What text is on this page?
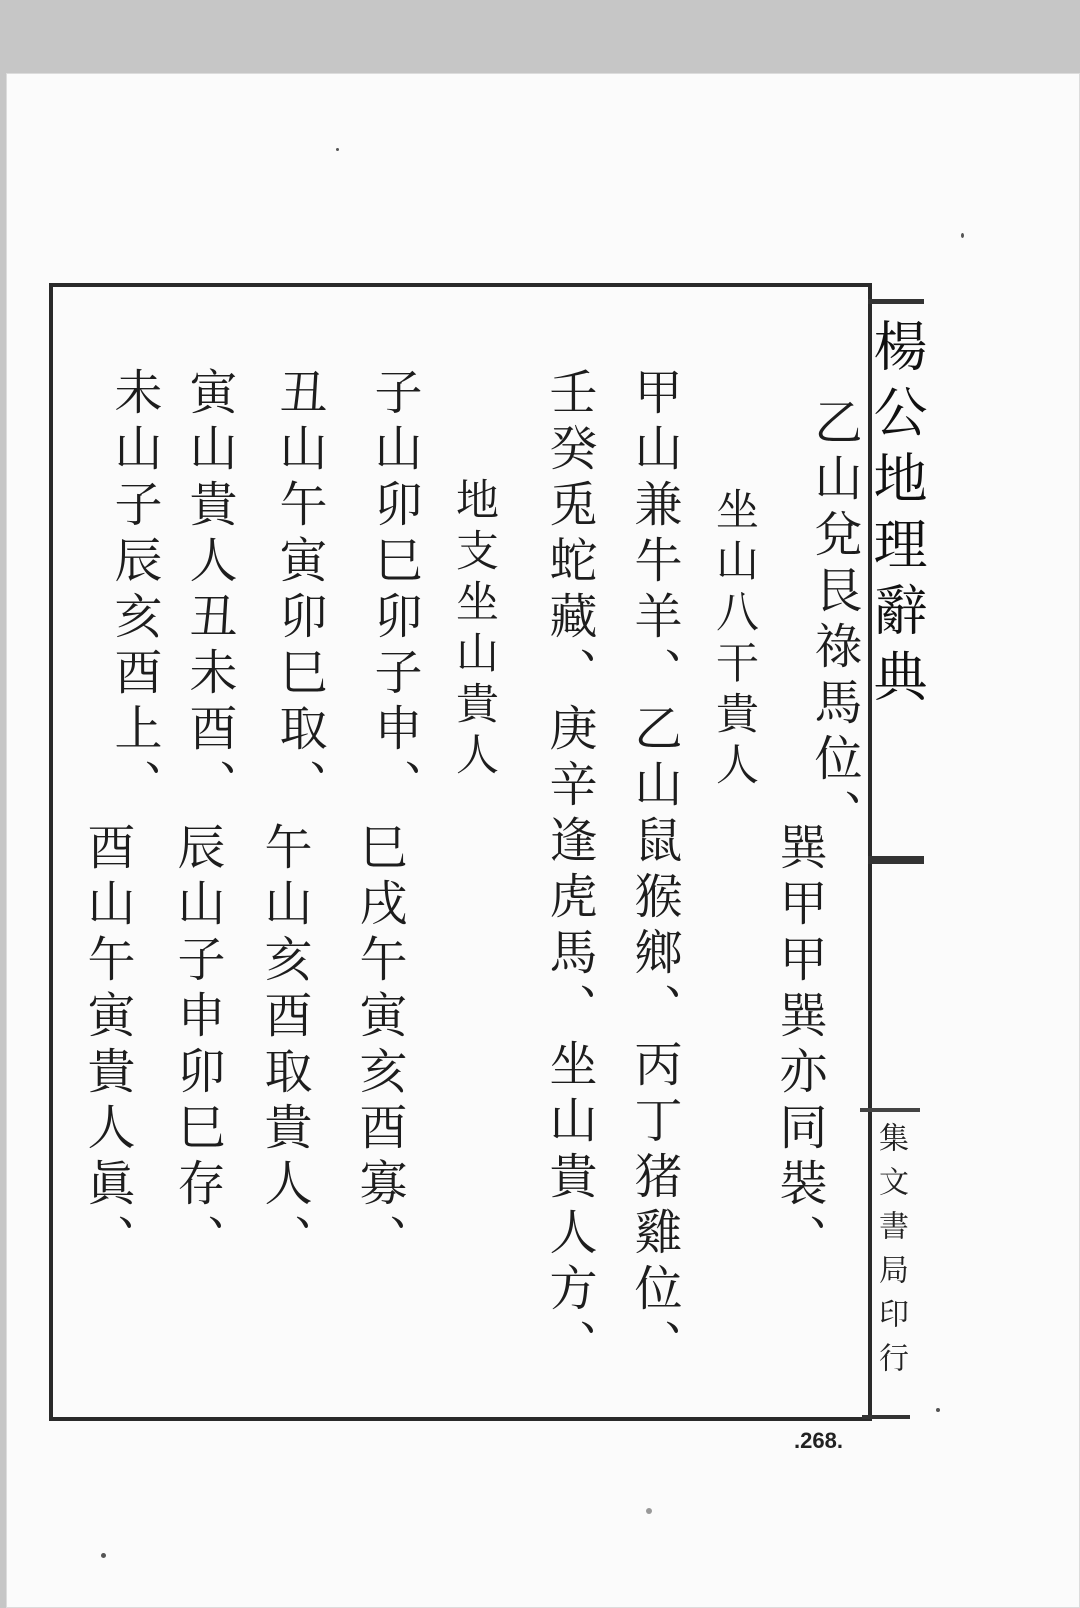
乙山兌艮祿馬位、
巽甲甲巽亦同裝、
坐山八干貴人
甲山兼牛羊、乙山鼠猴鄉、丙丁猪雞位、
壬癸兎蛇藏、庚辛逢虎馬、坐山貴人方、
地支坐山貴人
子山卯巳卯子申、
巳戌午寅亥酉寡、
丑山午寅卯巳取、
午山亥酉取貴人、
寅山貴人丑未酉、
辰山子申卯巳存、
未山子辰亥酉上、
酉山午寅貴人眞、
楊公地理辭典
集文書局印行
.268.
